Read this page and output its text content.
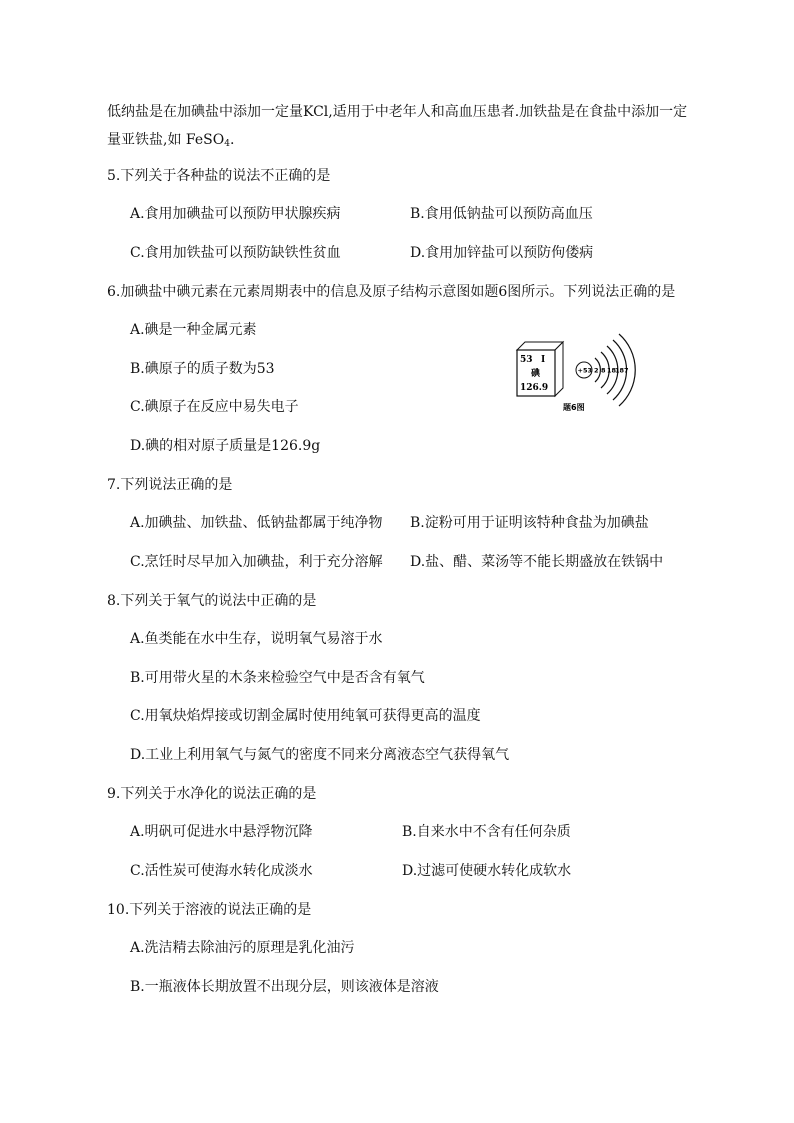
低纳盐是在加碘盐中添加一定量KCl,适用于中老年人和高血压患者.加铁盐是在食盐中添加一定
量亚铁盐,如 FeSO$_4$.
5.下列关于各种盐的说法不正确的是
A.食用加碘盐可以预防甲状腺疾病	B.食用低钠盐可以预防高血压
C.食用加铁盐可以预防缺铁性贫血	D.食用加锌盐可以预防佝偻病
6.加碘盐中碘元素在元素周期表中的信息及原子结构示意图如题6图所示。下列说法正确的是
A.碘是一种金属元素
B.碘原子的质子数为53
C.碘原子在反应中易失电子
D.碘的相对原子质量是126.9g
53 I
碘
126.9
+53 2 8 18
18 7
题6图
7.下列说法正确的是
A.加碘盐、加铁盐、低钠盐都属于纯净物 B.淀粉可用于证明该特种食盐为加碘盐
C.烹饪时尽早加入加碘盐，利于充分溶解 D.盐、醋、菜汤等不能长期盛放在铁锅中
8.下列关于氧气的说法中正确的是
A.鱼类能在水中生存，说明氧气易溶于水
B.可用带火星的木条来检验空气中是否含有氧气
C.用氧炔焰焊接或切割金属时使用纯氧可获得更高的温度
D.工业上利用氧气与氮气的密度不同来分离液态空气获得氧气
9.下列关于水净化的说法正确的是
A.明矾可促进水中悬浮物沉降	B.自来水中不含有任何杂质
C.活性炭可使海水转化成淡水	D.过滤可使硬水转化成软水
10.下列关于溶液的说法正确的是
A.洗洁精去除油污的原理是乳化油污
B.一瓶液体长期放置不出现分层，则该液体是溶液
